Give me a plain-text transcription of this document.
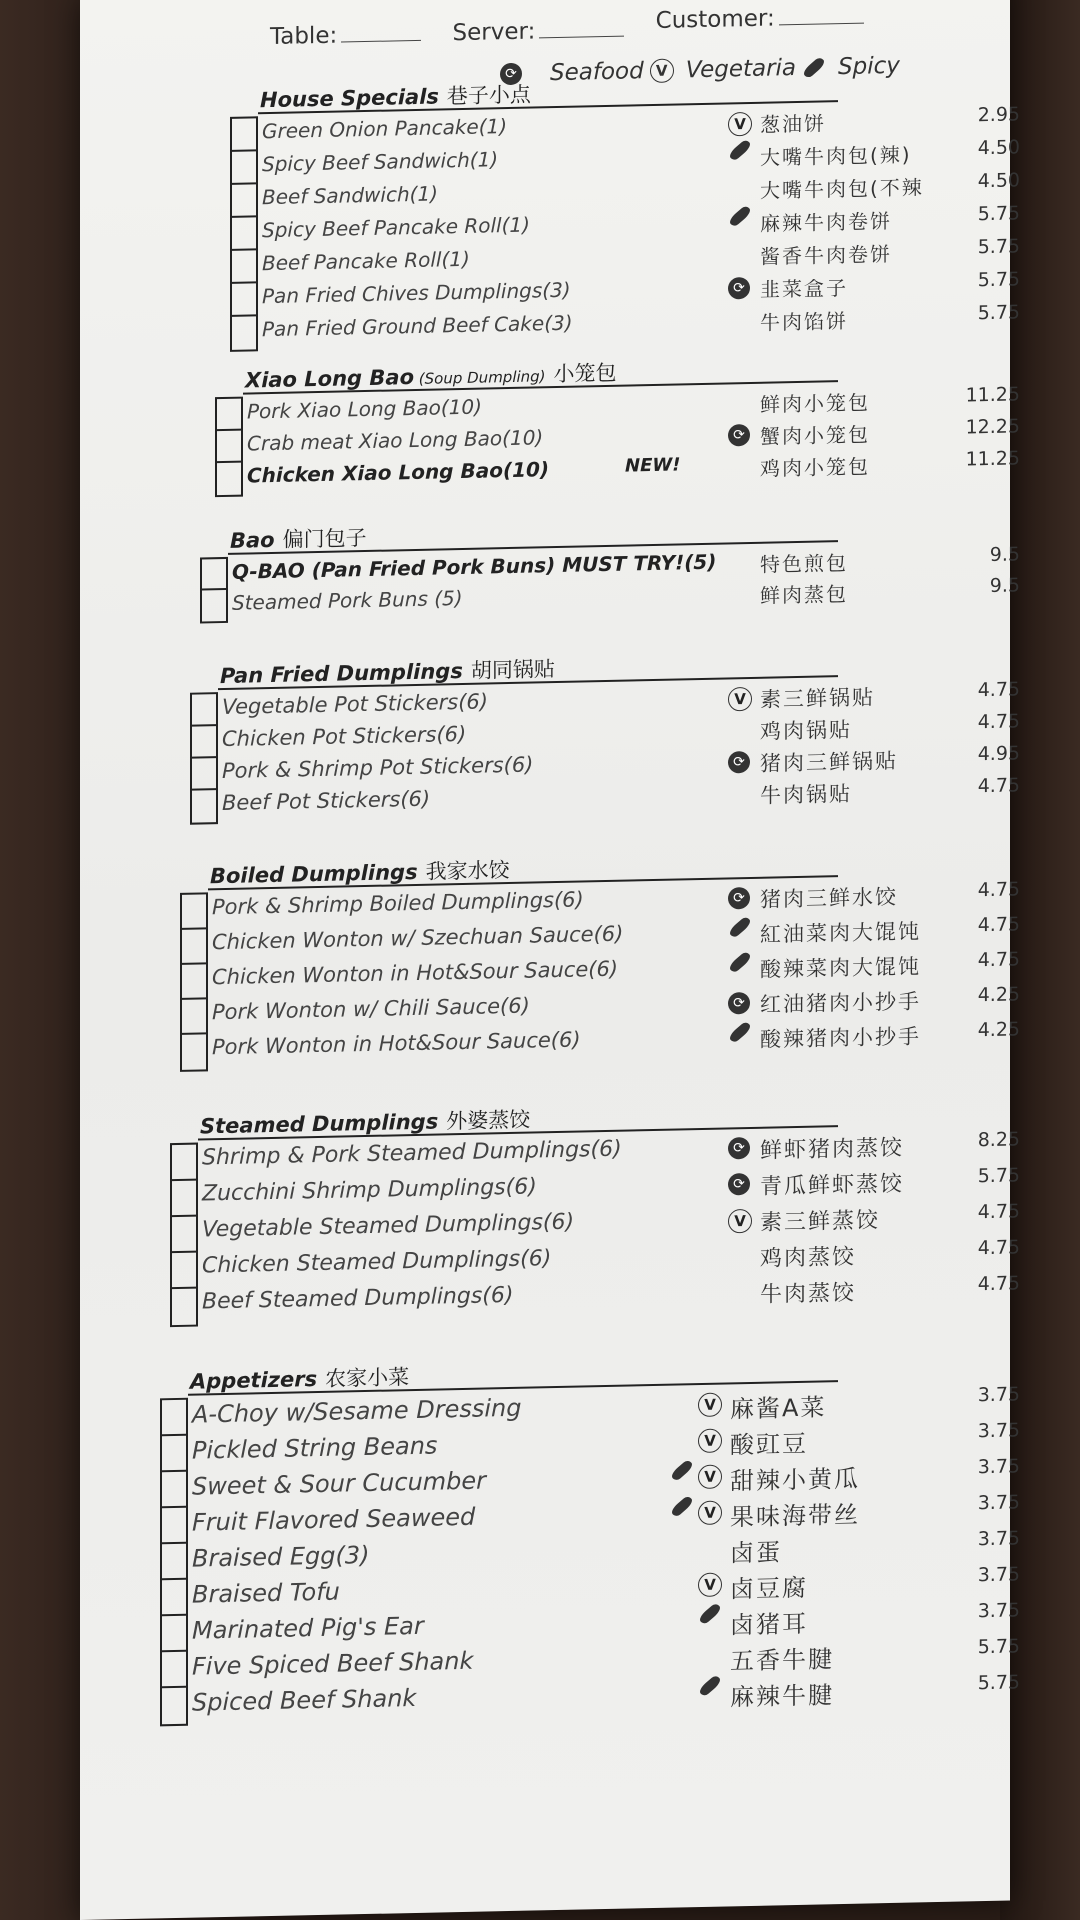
Table:	Server:	Customer:
⟳ Seafood V Vegetaria Spicy
House Specials 巷子小点
Green Onion Pancake(1)	V 葱油饼	2.95
Spicy Beef Sandwich(1)	大嘴牛肉包(辣)	4.50
Beef Sandwich(1)	大嘴牛肉包(不辣	4.50
Spicy Beef Pancake Roll(1)	麻辣牛肉卷饼	5.75
Beef Pancake Roll(1)	酱香牛肉卷饼	5.75
Pan Fried Chives Dumplings(3)	⟳ 韭菜盒子	5.75
Pan Fried Ground Beef Cake(3)	牛肉馅饼	5.75
Xiao Long Bao (Soup Dumpling) 小笼包
Pork Xiao Long Bao(10)	鲜肉小笼包	11.25
Crab meat Xiao Long Bao(10)	⟳ 蟹肉小笼包	12.25
Chicken Xiao Long Bao(10)	NEW!	鸡肉小笼包	11.25
Bao 偏门包子
Q-BAO (Pan Fried Pork Buns) MUST TRY!(5) 特色煎包	9.5
Steamed Pork Buns (5)	鲜肉蒸包	9.5
Pan Fried Dumplings 胡同锅贴
Vegetable Pot Stickers(6)	V 素三鲜锅贴	4.75
Chicken Pot Stickers(6)	鸡肉锅贴	4.75
Pork & Shrimp Pot Stickers(6)	⟳ 猪肉三鲜锅贴	4.95
Beef Pot Stickers(6)	牛肉锅贴	4.75
Boiled Dumplings 我家水饺
Pork & Shrimp Boiled Dumplings(6)	⟳ 猪肉三鲜水饺	4.75
Chicken Wonton w/ Szechuan Sauce(6)	紅油菜肉大馄饨	4.75
Chicken Wonton in Hot&Sour Sauce(6)	酸辣菜肉大馄饨	4.75
Pork Wonton w/ Chili Sauce(6)	⟳ 红油猪肉小抄手	4.25
Pork Wonton in Hot&Sour Sauce(6)	酸辣猪肉小抄手	4.25
Steamed Dumplings 外婆蒸饺
Shrimp & Pork Steamed Dumplings(6)	⟳ 鲜虾猪肉蒸饺	8.25
Zucchini Shrimp Dumplings(6)	⟳ 青瓜鲜虾蒸饺	5.75
Vegetable Steamed Dumplings(6)	V 素三鲜蒸饺	4.75
Chicken Steamed Dumplings(6)	鸡肉蒸饺	4.75
Beef Steamed Dumplings(6)	牛肉蒸饺	4.75
Appetizers 农家小菜
A-Choy w/Sesame Dressing	V 麻酱A菜	3.75
Pickled String Beans	V 酸豇豆	3.75
Sweet & Sour Cucumber	V 甜辣小黄瓜	3.75
Fruit Flavored Seaweed	V 果味海带丝	3.75
Braised Egg(3)	卤蛋	3.75
Braised Tofu	V 卤豆腐	3.75
Marinated Pig's Ear	卤猪耳	3.75
Five Spiced Beef Shank	五香牛腱	5.75
Spiced Beef Shank	麻辣牛腱	5.75
